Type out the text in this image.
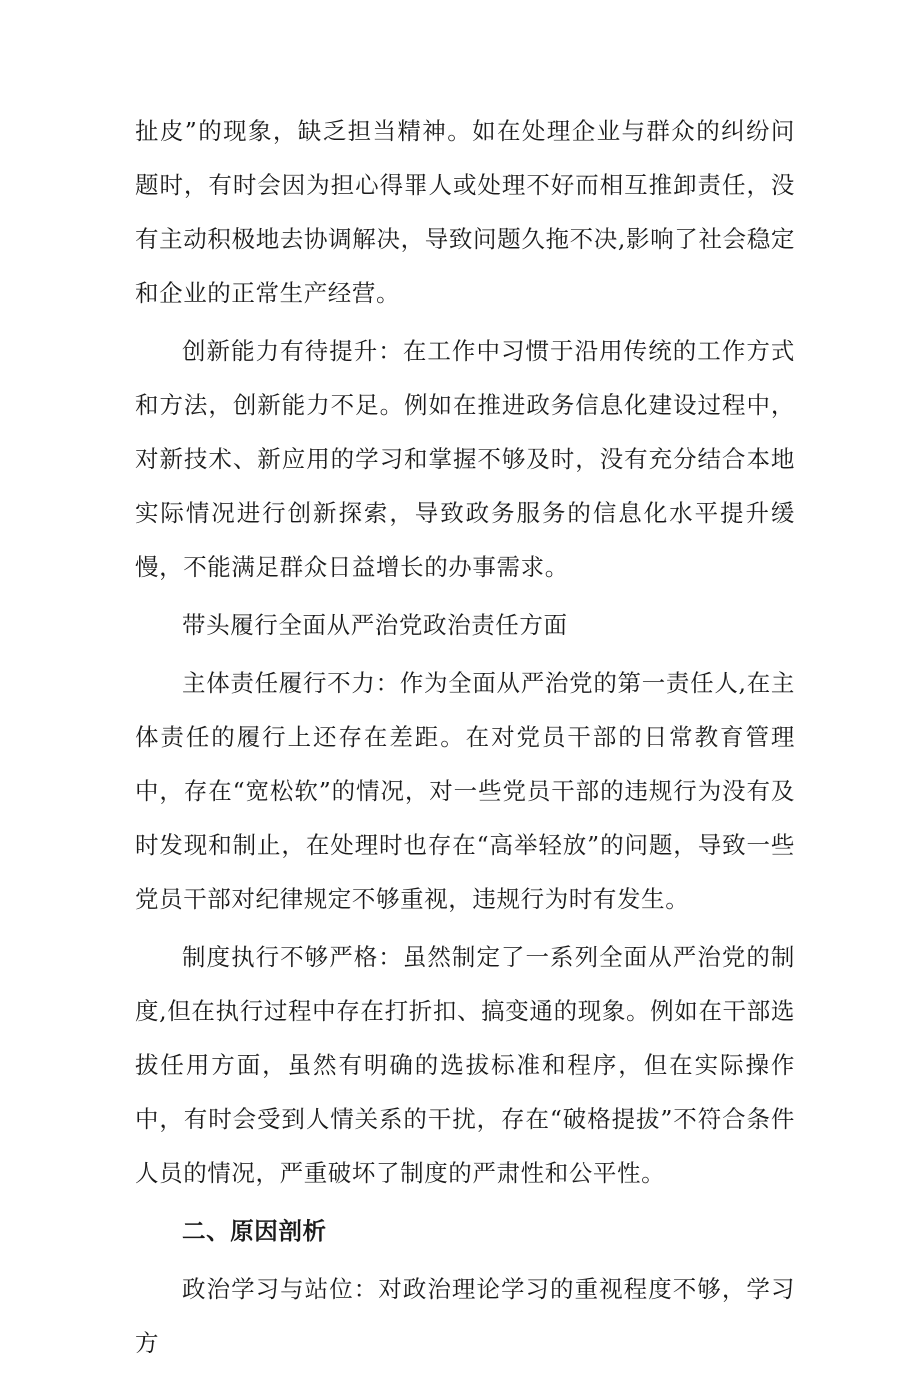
扯皮”的现象，缺乏担当精神。如在处理企业与群众的纠纷问题时，有时会因为担心得罪人或处理不好而相互推卸责任，没有主动积极地去协调解决，导致问题久拖不决,影响了社会稳定和企业的正常生产经营。

创新能力有待提升：在工作中习惯于沿用传统的工作方式和方法，创新能力不足。例如在推进政务信息化建设过程中，对新技术、新应用的学习和掌握不够及时，没有充分结合本地实际情况进行创新探索，导致政务服务的信息化水平提升缓慢，不能满足群众日益增长的办事需求。

带头履行全面从严治党政治责任方面

主体责任履行不力：作为全面从严治党的第一责任人,在主体责任的履行上还存在差距。在对党员干部的日常教育管理中，存在“宽松软”的情况，对一些党员干部的违规行为没有及时发现和制止，在处理时也存在“高举轻放”的问题，导致一些党员干部对纪律规定不够重视，违规行为时有发生。

制度执行不够严格：虽然制定了一系列全面从严治党的制度,但在执行过程中存在打折扣、搞变通的现象。例如在干部选拔任用方面，虽然有明确的选拔标准和程序，但在实际操作中，有时会受到人情关系的干扰，存在“破格提拔”不符合条件人员的情况，严重破坏了制度的严肃性和公平性。

二、原因剖析

政治学习与站位：对政治理论学习的重视程度不够，学习方
